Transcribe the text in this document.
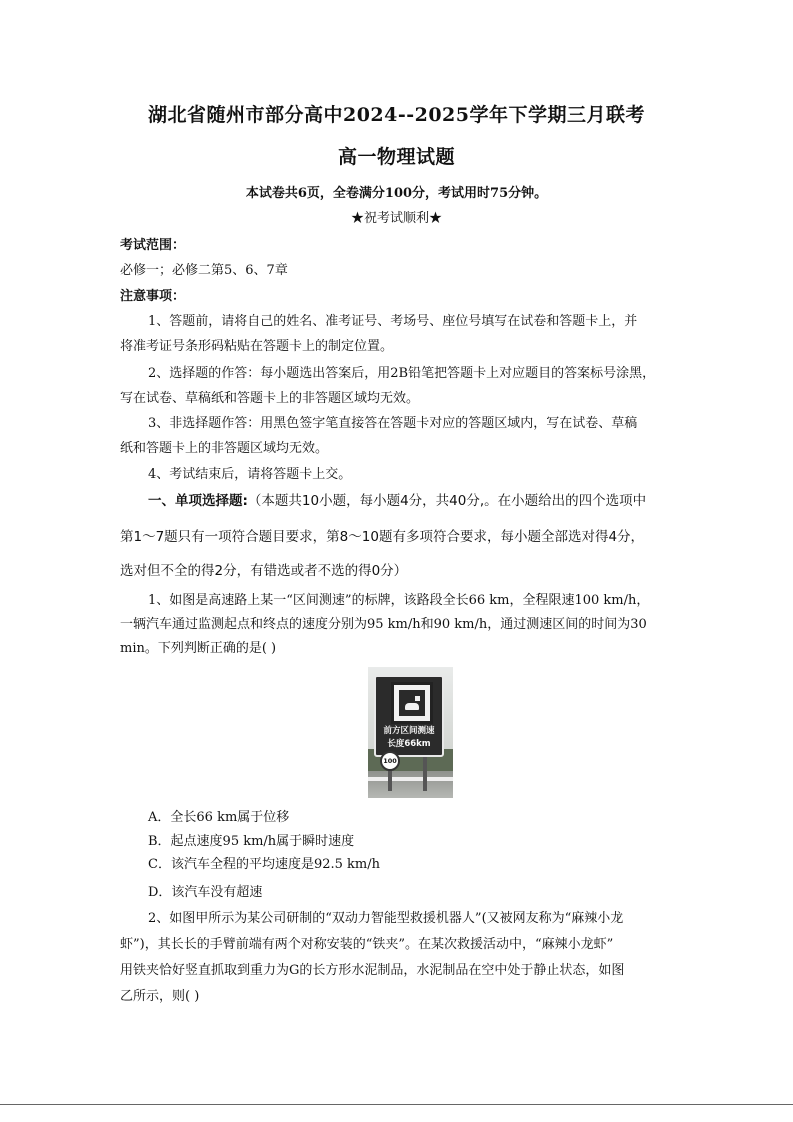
湖北省随州市部分高中2024--2025学年下学期三月联考
高一物理试题
本试卷共6页，全卷满分100分，考试用时75分钟。
★祝考试顺利★
考试范围：
必修一；必修二第5、6、7章
注意事项：
1、答题前，请将自己的姓名、准考证号、考场号、座位号填写在试卷和答题卡上，并
将准考证号条形码粘贴在答题卡上的制定位置。
2、选择题的作答：每小题选出答案后，用2B铅笔把答题卡上对应题目的答案标号涂黑，
写在试卷、草稿纸和答题卡上的非答题区域均无效。
3、非选择题作答：用黑色签字笔直接答在答题卡对应的答题区域内，写在试卷、草稿
纸和答题卡上的非答题区域均无效。
4、考试结束后，请将答题卡上交。
一、单项选择题:（本题共10小题，每小题4分，共40分,。在小题给出的四个选项中
第1～7题只有一项符合题目要求，第8～10题有多项符合要求，每小题全部选对得4分，
选对但不全的得2分，有错选或者不选的得0分）
1、如图是高速路上某一“区间测速”的标牌，该路段全长66 km，全程限速100 km/h，
一辆汽车通过监测起点和终点的速度分别为95 km/h和90 km/h，通过测速区间的时间为30
min。下列判断正确的是( )
前方区间测速
长度66km
100
A．全长66 km属于位移
B．起点速度95 km/h属于瞬时速度
C．该汽车全程的平均速度是92.5 km/h
D．该汽车没有超速
2、如图甲所示为某公司研制的“双动力智能型救援机器人”(又被网友称为“麻辣小龙
虾”)，其长长的手臂前端有两个对称安装的“铁夹”。在某次救援活动中，“麻辣小龙虾”
用铁夹恰好竖直抓取到重力为G的长方形水泥制品，水泥制品在空中处于静止状态，如图
乙所示，则( )
